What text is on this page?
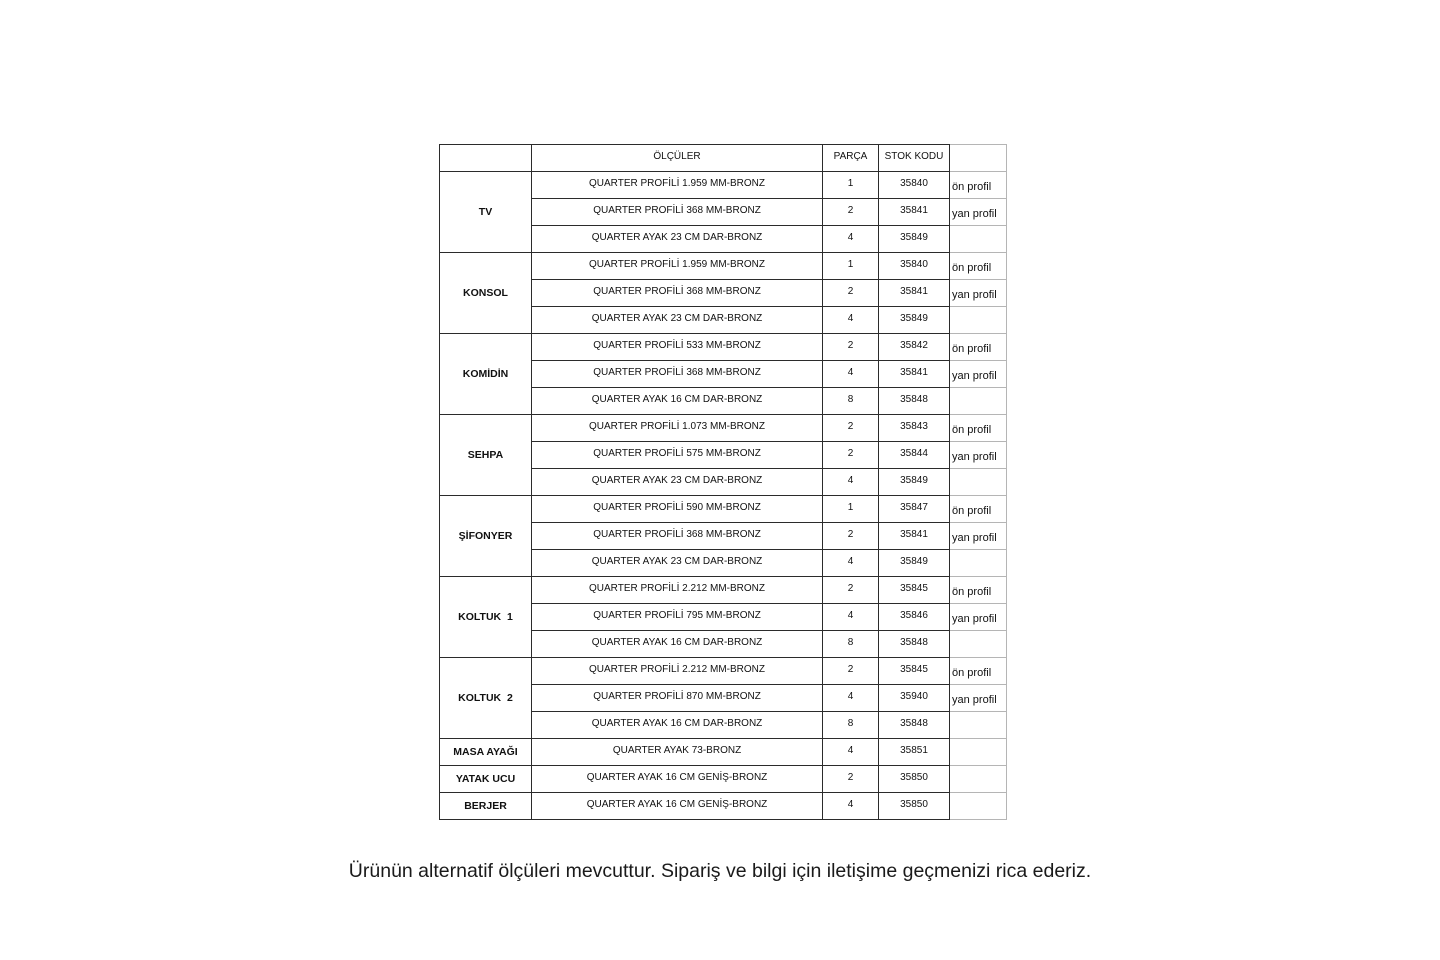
	ÖLÇÜLER	PARÇA	STOK KODU	
TV	QUARTER PROFİLİ 1.959 MM-BRONZ	1	35840	ön profil
	QUARTER PROFİLİ 368 MM-BRONZ	2	35841	yan profil
	QUARTER AYAK 23 CM DAR-BRONZ	4	35849	
KONSOL	QUARTER PROFİLİ 1.959 MM-BRONZ	1	35840	ön profil
	QUARTER PROFİLİ 368 MM-BRONZ	2	35841	yan profil
	QUARTER AYAK 23 CM DAR-BRONZ	4	35849	
KOMİDİN	QUARTER PROFİLİ 533 MM-BRONZ	2	35842	ön profil
	QUARTER PROFİLİ 368 MM-BRONZ	4	35841	yan profil
	QUARTER AYAK 16 CM DAR-BRONZ	8	35848	
SEHPA	QUARTER PROFİLİ 1.073 MM-BRONZ	2	35843	ön profil
	QUARTER PROFİLİ 575 MM-BRONZ	2	35844	yan profil
	QUARTER AYAK 23 CM DAR-BRONZ	4	35849	
ŞİFONYER	QUARTER PROFİLİ 590 MM-BRONZ	1	35847	ön profil
	QUARTER PROFİLİ 368 MM-BRONZ	2	35841	yan profil
	QUARTER AYAK 23 CM DAR-BRONZ	4	35849	
KOLTUK  1	QUARTER PROFİLİ 2.212 MM-BRONZ	2	35845	ön profil
	QUARTER PROFİLİ 795 MM-BRONZ	4	35846	yan profil
	QUARTER AYAK 16 CM DAR-BRONZ	8	35848	
KOLTUK  2	QUARTER PROFİLİ 2.212 MM-BRONZ	2	35845	ön profil
	QUARTER PROFİLİ 870 MM-BRONZ	4	35940	yan profil
	QUARTER AYAK 16 CM DAR-BRONZ	8	35848	
MASA AYAĞI	QUARTER AYAK 73-BRONZ	4	35851	
YATAK UCU	QUARTER AYAK 16 CM GENİŞ-BRONZ	2	35850	
BERJER	QUARTER AYAK 16 CM GENİŞ-BRONZ	4	35850	

Ürünün alternatif ölçüleri mevcuttur. Sipariş ve bilgi için iletişime geçmenizi rica ederiz.
